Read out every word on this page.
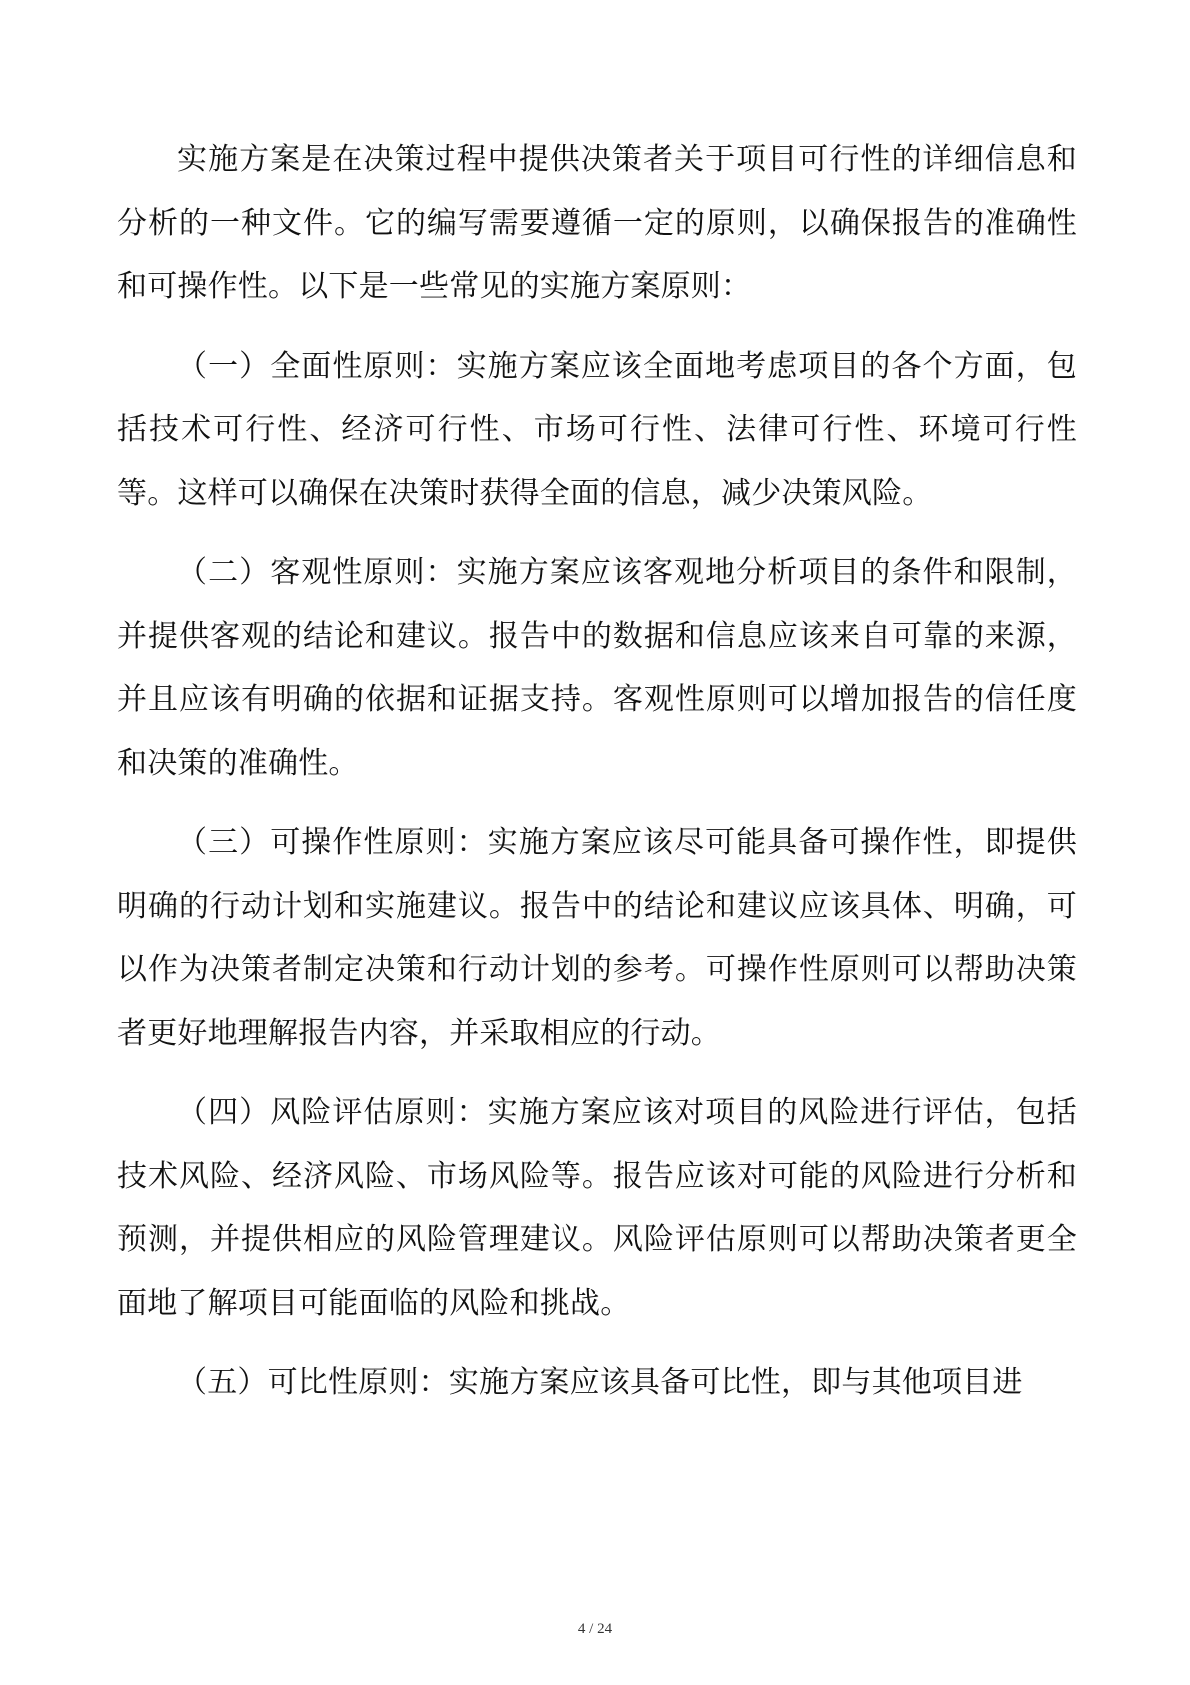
实施方案是在决策过程中提供决策者关于项目可行性的详细信息和分析的一种文件。它的编写需要遵循一定的原则，以确保报告的准确性和可操作性。以下是一些常见的实施方案原则：

（一）全面性原则：实施方案应该全面地考虑项目的各个方面，包括技术可行性、经济可行性、市场可行性、法律可行性、环境可行性等。这样可以确保在决策时获得全面的信息，减少决策风险。

（二）客观性原则：实施方案应该客观地分析项目的条件和限制，并提供客观的结论和建议。报告中的数据和信息应该来自可靠的来源，并且应该有明确的依据和证据支持。客观性原则可以增加报告的信任度和决策的准确性。

（三）可操作性原则：实施方案应该尽可能具备可操作性，即提供明确的行动计划和实施建议。报告中的结论和建议应该具体、明确，可以作为决策者制定决策和行动计划的参考。可操作性原则可以帮助决策者更好地理解报告内容，并采取相应的行动。

（四）风险评估原则：实施方案应该对项目的风险进行评估，包括技术风险、经济风险、市场风险等。报告应该对可能的风险进行分析和预测，并提供相应的风险管理建议。风险评估原则可以帮助决策者更全面地了解项目可能面临的风险和挑战。

（五）可比性原则：实施方案应该具备可比性，即与其他项目进

4 / 24
